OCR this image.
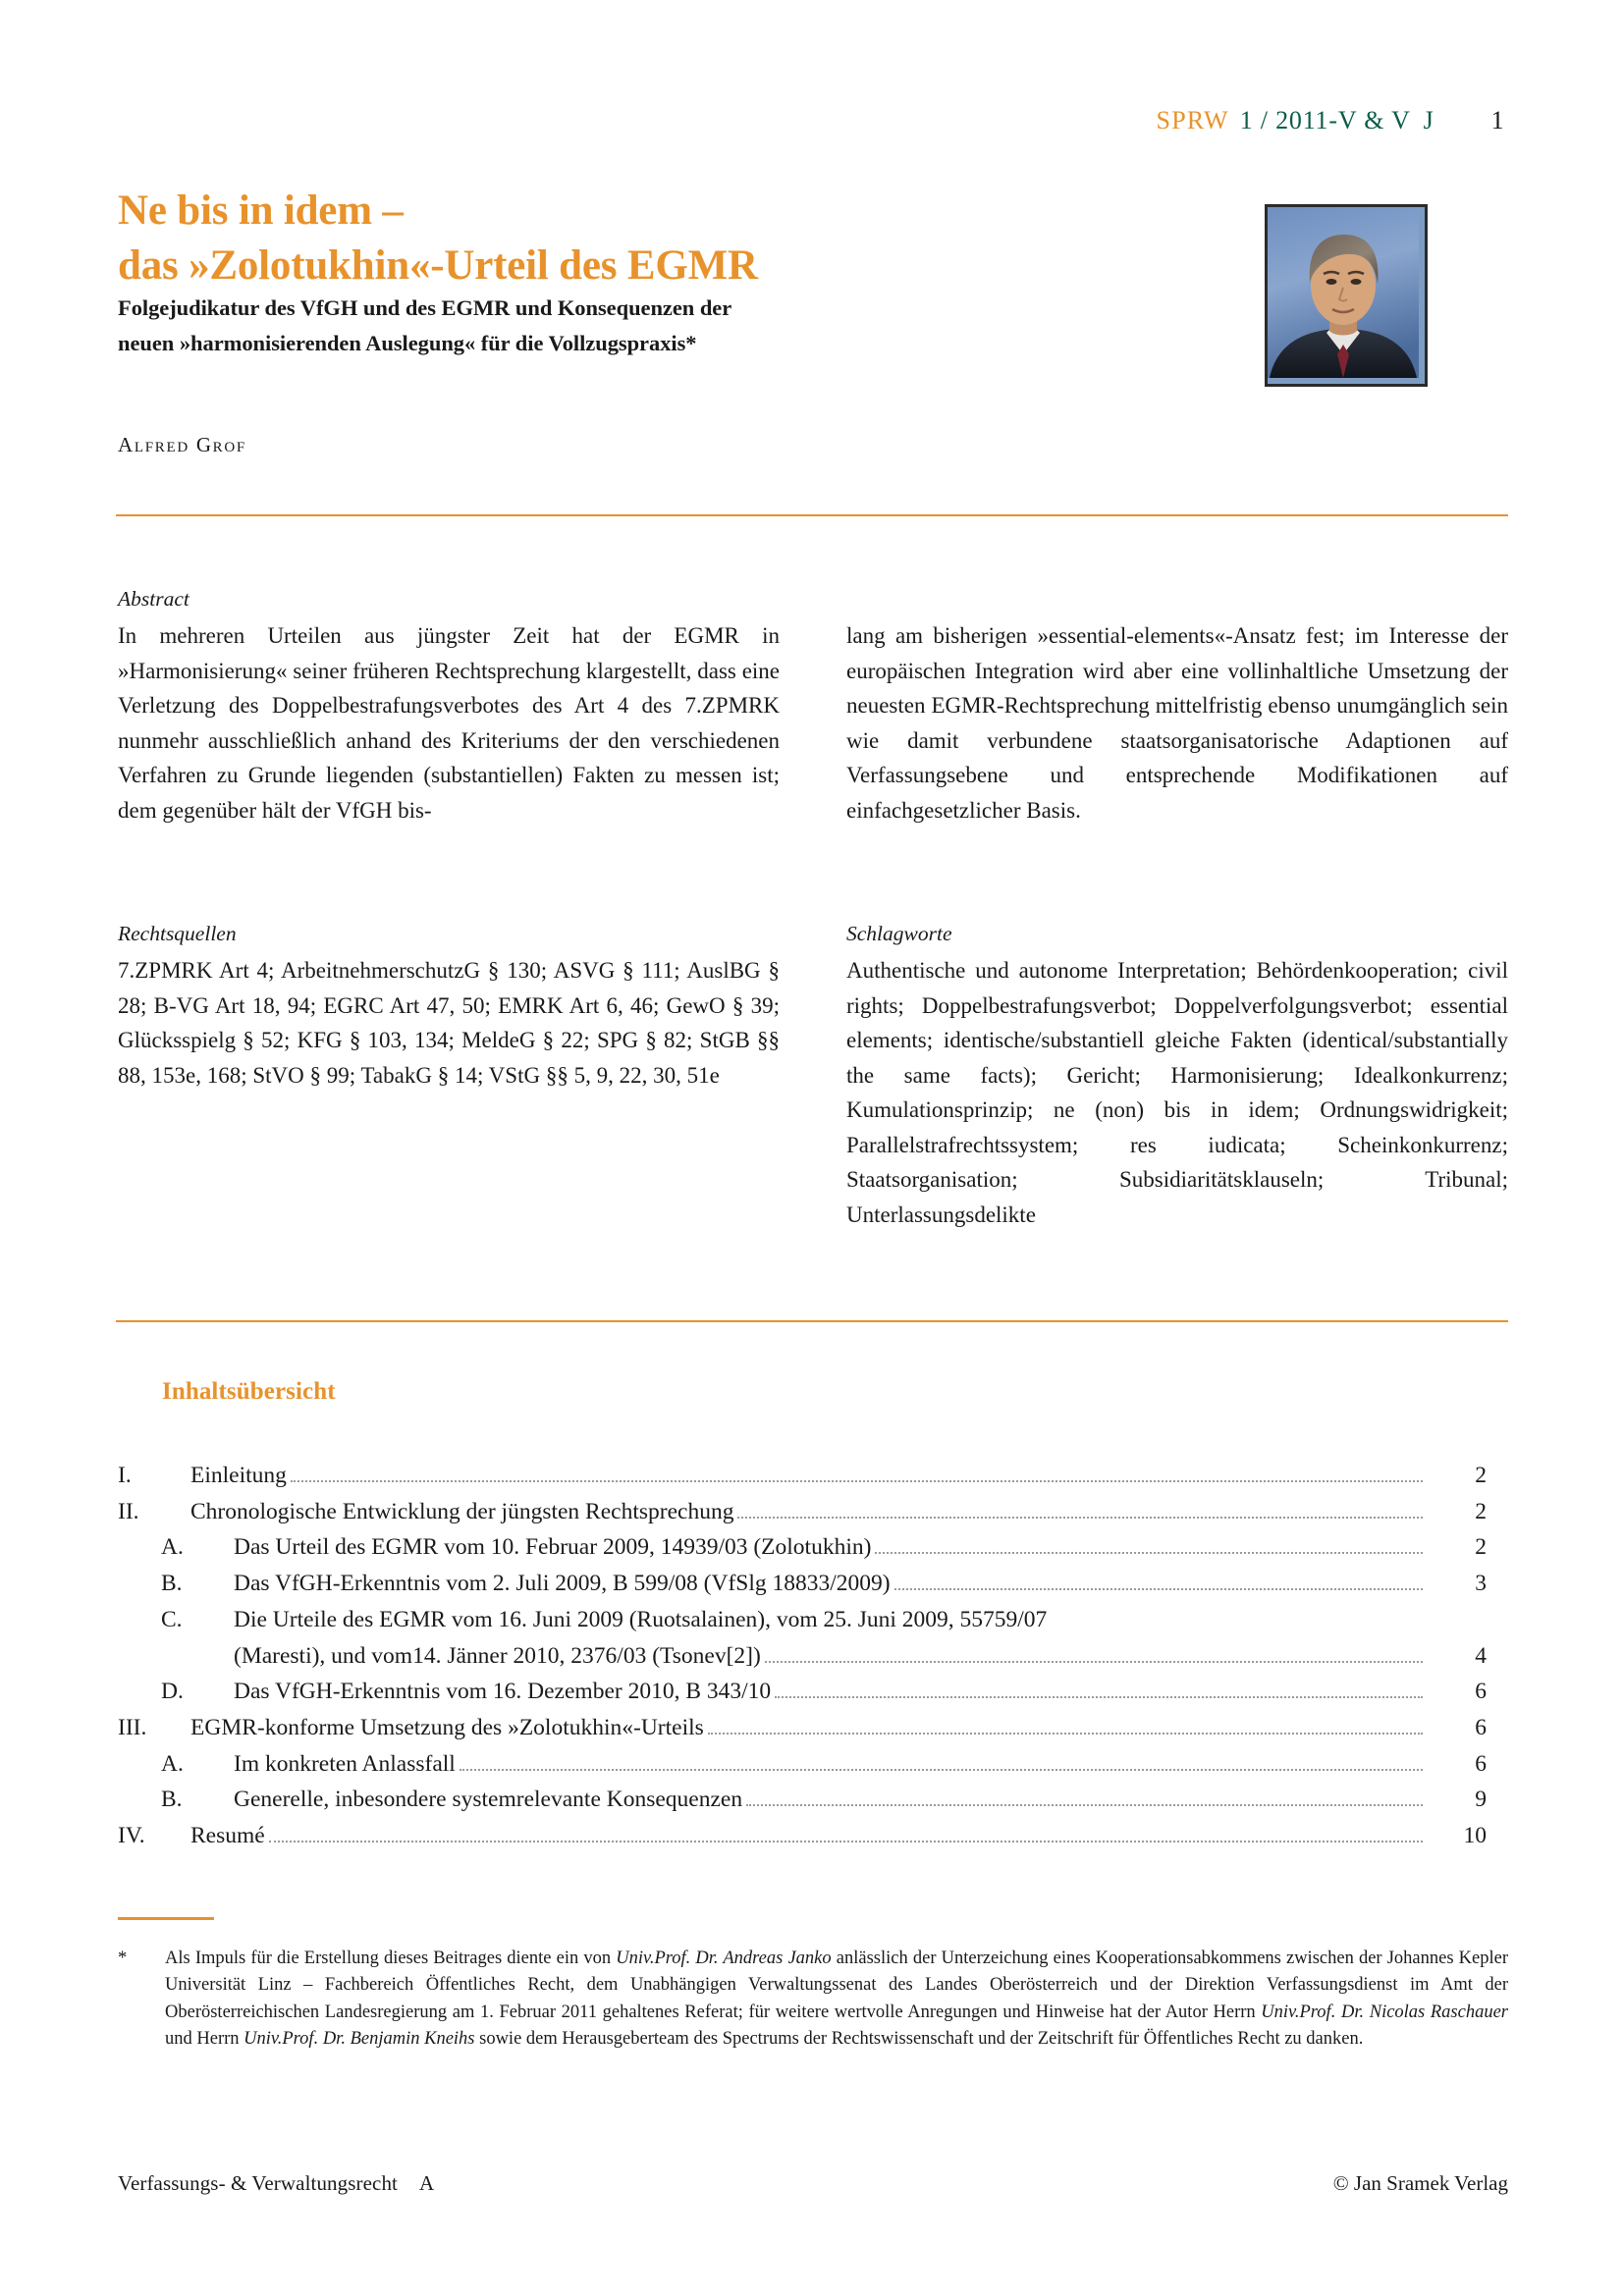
SPRW 1 / 2011-V & V J 1
Ne bis in idem –
das »Zolotukhin«-Urteil des EGMR
Folgejudikatur des VfGH und des EGMR und Konsequenzen der
neuen »harmonisierenden Auslegung« für die Vollzugspraxis*
Alfred Grof
Abstract
In mehreren Urteilen aus jüngster Zeit hat der EGMR in »Harmonisierung« seiner früheren Rechtsprechung klargestellt, dass eine Verletzung des Doppelbestrafungsverbotes des Art 4 des 7.ZPMRK nunmehr ausschließlich anhand des Kriteriums der den verschiedenen Verfahren zu Grunde liegenden (substantiellen) Fakten zu messen ist; dem gegenüber hält der VfGH bis-
lang am bisherigen »essential-elements«-Ansatz fest; im Interesse der europäischen Integration wird aber eine vollinhaltliche Umsetzung der neuesten EGMR-Rechtsprechung mittelfristig ebenso unumgänglich sein wie damit verbundene staatsorganisatorische Adaptionen auf Verfassungsebene und entsprechende Modifikationen auf einfachgesetzlicher Basis.
Rechtsquellen
7.ZPMRK Art 4; ArbeitnehmerschutzG § 130; ASVG § 111; AuslBG § 28; B-VG Art 18, 94; EGRC Art 47, 50; EMRK Art 6, 46; GewO § 39; Glücksspielg § 52; KFG § 103, 134; MeldeG § 22; SPG § 82; StGB §§ 88, 153e, 168; StVO § 99; TabakG § 14; VStG §§ 5, 9, 22, 30, 51e
Schlagworte
Authentische und autonome Interpretation; Behördenkooperation; civil rights; Doppelbestrafungsverbot; Doppelverfolgungsverbot; essential elements; identische/substantiell gleiche Fakten (identical/substantially the same facts); Gericht; Harmonisierung; Idealkonkurrenz; Kumulationsprinzip; ne (non) bis in idem; Ordnungswidrigkeit; Parallelstrafrechtssystem; res iudicata; Scheinkonkurrenz; Staatsorganisation; Subsidiaritätsklauseln; Tribunal; Unterlassungsdelikte
Inhaltsübersicht
I.	Einleitung	2
II.	Chronologische Entwicklung der jüngsten Rechtsprechung	2
A.	Das Urteil des EGMR vom 10. Februar 2009, 14939/03 (Zolotukhin)	2
B.	Das VfGH-Erkenntnis vom 2. Juli 2009, B 599/08 (VfSlg 18833/2009)	3
C.	Die Urteile des EGMR vom 16. Juni 2009 (Ruotsalainen), vom 25. Juni 2009, 55759/07
(Maresti), und vom14. Jänner 2010, 2376/03 (Tsonev[2])	4
D.	Das VfGH-Erkenntnis vom 16. Dezember 2010, B 343/10	6
III.	EGMR-konforme Umsetzung des »Zolotukhin«-Urteils	6
A.	Im konkreten Anlassfall	6
B.	Generelle, inbesondere systemrelevante Konsequenzen	9
IV.	Resumé	10
*	Als Impuls für die Erstellung dieses Beitrages diente ein von Univ.Prof. Dr. Andreas Janko anlässlich der Unterzeichung eines Kooperationsabkommens zwischen der Johannes Kepler Universität Linz – Fachbereich Öffentliches Recht, dem Unabhängigen Verwaltungssenat des Landes Oberösterreich und der Direktion Verfassungsdienst im Amt der Oberösterreichischen Landesregierung am 1. Februar 2011 gehaltenes Referat; für weitere wertvolle Anregungen und Hinweise hat der Autor Herrn Univ.Prof. Dr. Nicolas Raschauer und Herrn Univ.Prof. Dr. Benjamin Kneihs sowie dem Herausgeberteam des Spectrums der Rechtswissenschaft und der Zeitschrift für Öffentliches Recht zu danken.
Verfassungs- & Verwaltungsrecht A	© Jan Sramek Verlag
